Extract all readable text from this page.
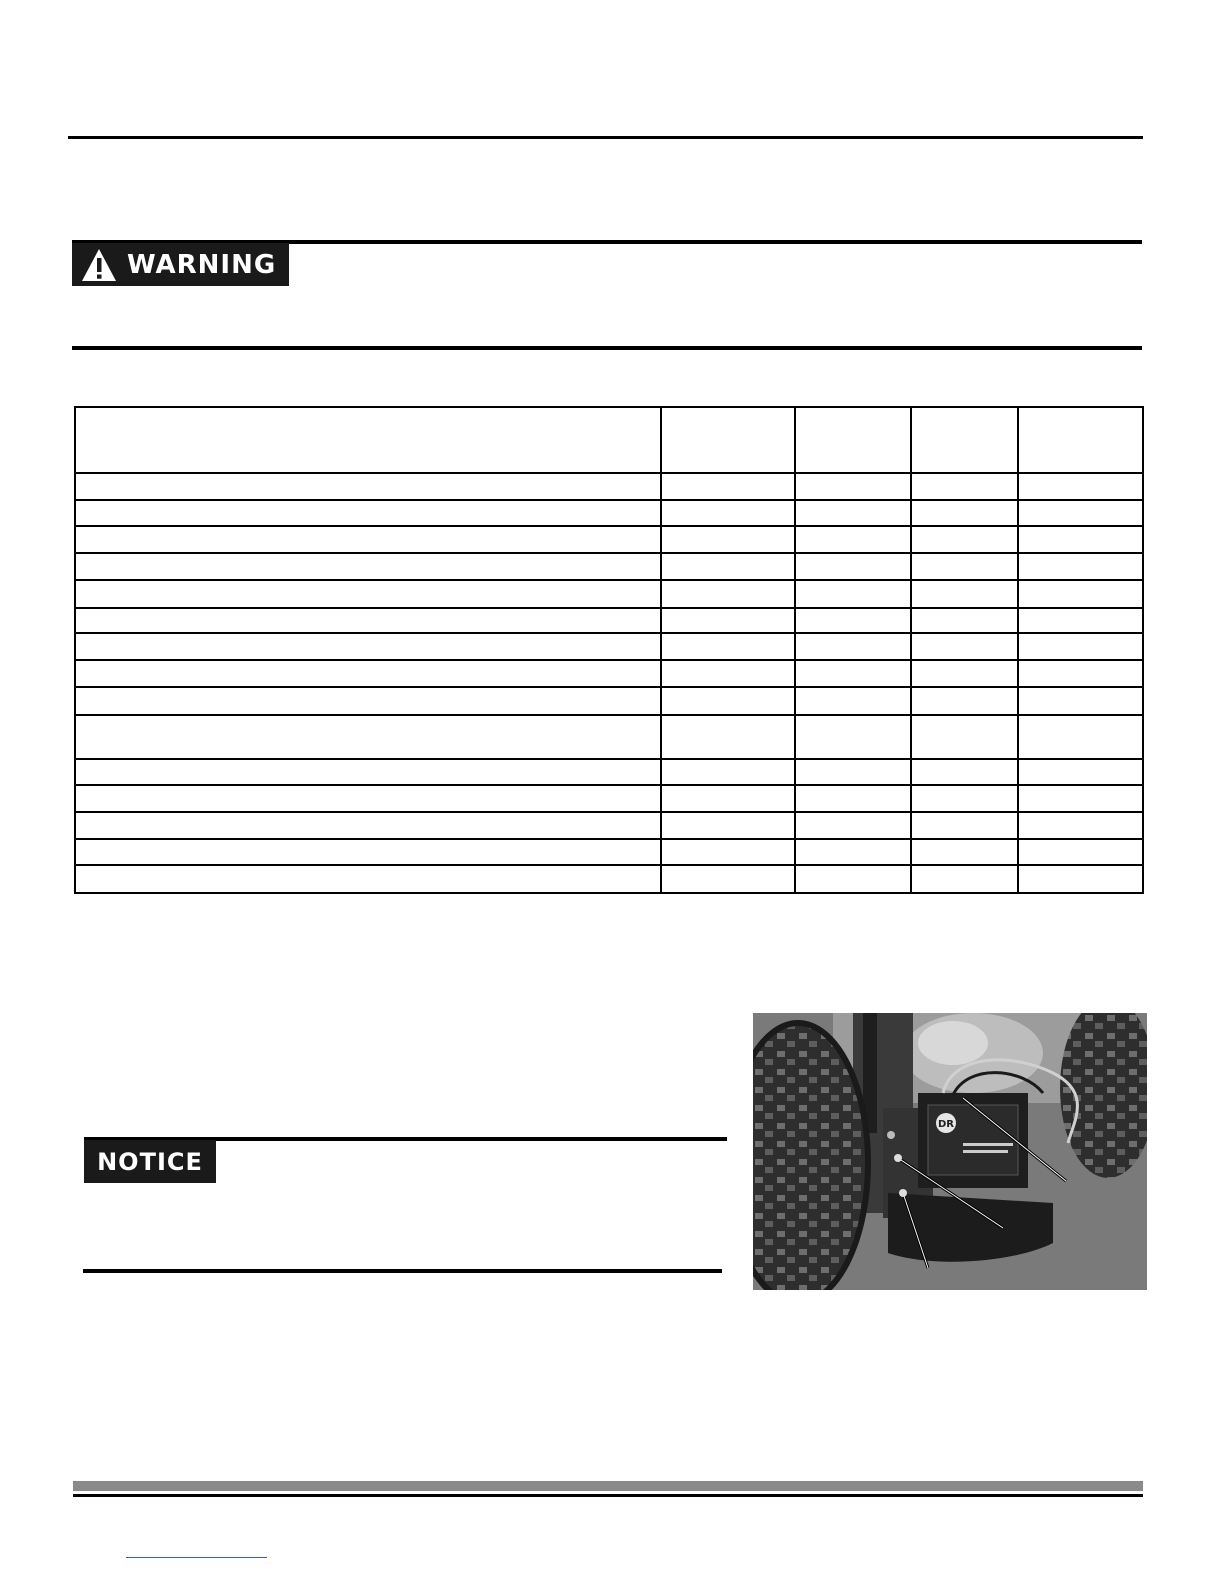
WARNING

NOTICE
DR
